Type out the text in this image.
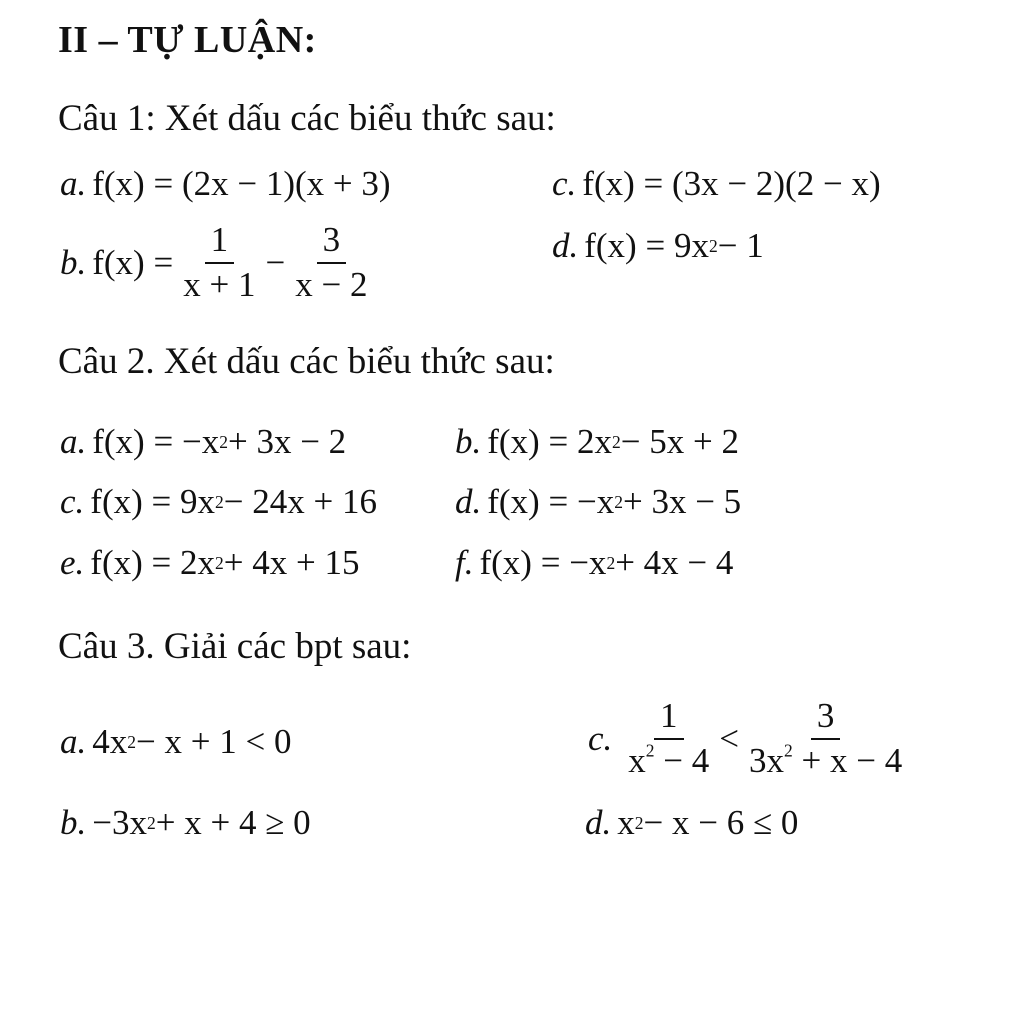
II – TỰ LUẬN:
Câu 1: Xét dấu các biểu thức sau:
a. f(x) = (2x − 1)(x + 3)	c. f(x) = (3x − 2)(2 − x)
b. $f(x) = \frac{1}{x + 1} - \frac{3}{x - 2}$	d. f(x) = 9x 2 − 1
Câu 2. Xét dấu các biểu thức sau:
a. f(x) = −x 2 + 3x − 2	b. f(x) = 2x 2 − 5x + 2
c. f(x) = 9x 2 − 24x + 16 d. f(x) = −x 2 + 3x − 5
e. f(x) = 2x 2 + 4x + 15	f. f(x) = −x 2 + 4x − 4
Câu 3. Giải các bpt sau:
a. 4x 2 − x + 1 < 0	c. $\frac{1}{x^2 - 4} < \frac{3}{3x^2 + x - 4}$
b. −3x 2 + x + 4 ≥ 0	d. x 2 − x − 6 ≤ 0
